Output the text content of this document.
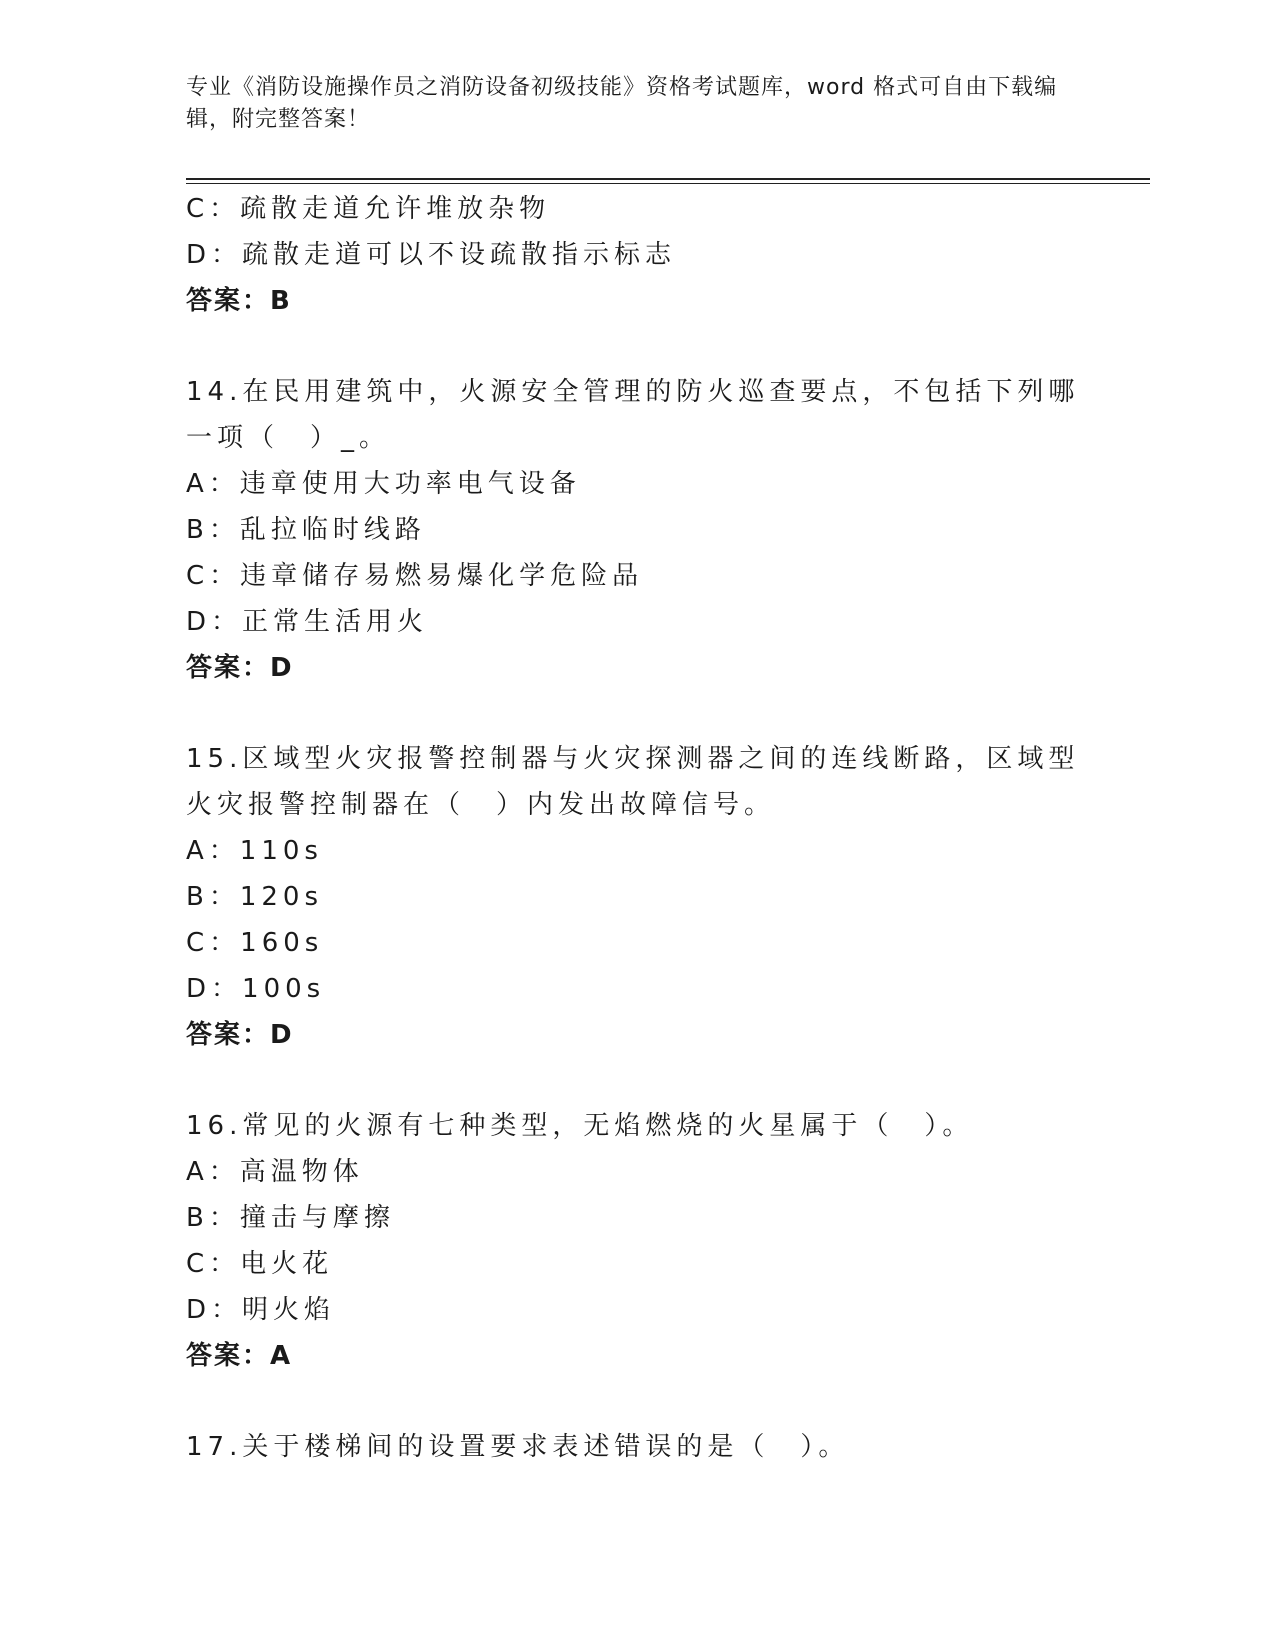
专业《消防设施操作员之消防设备初级技能》资格考试题库，word 格式可自由下载编辑，附完整答案！
C：疏散走道允许堆放杂物
D：疏散走道可以不设疏散指示标志
答案：B
14.在民用建筑中，火源安全管理的防火巡查要点，不包括下列哪一项（　）_。
A：违章使用大功率电气设备
B：乱拉临时线路
C：违章储存易燃易爆化学危险品
D：正常生活用火
答案：D
15.区域型火灾报警控制器与火灾探测器之间的连线断路，区域型火灾报警控制器在（　）内发出故障信号。
A：110s
B：120s
C：160s
D：100s
答案：D
16.常见的火源有七种类型，无焰燃烧的火星属于（　）。
A：高温物体
B：撞击与摩擦
C：电火花
D：明火焰
答案：A
17.关于楼梯间的设置要求表述错误的是（　）。
